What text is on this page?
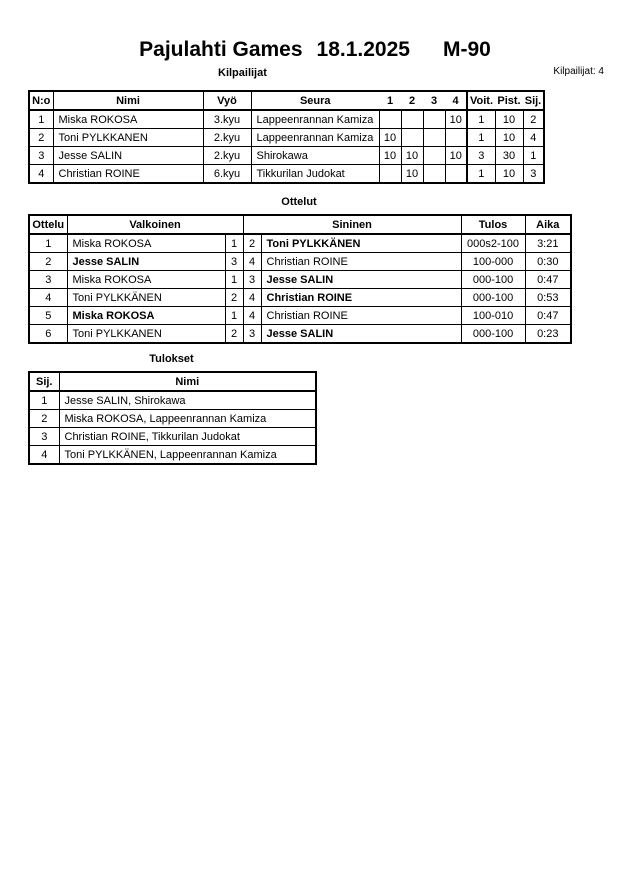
Pajulahti Games 18.1.2025 M-90
Kilpailijat	Kilpailijat: 4
N:o	Nimi	Vyö	Seura	1	2	3	4	Voit.	Pist.	Sij.
1	Miska ROKOSA	3.kyu	Lappeenrannan Kamiza				10	1	10	2
2	Toni PYLKKANEN	2.kyu	Lappeenrannan Kamiza	10				1	10	4
3	Jesse SALIN	2.kyu	Shirokawa	10	10		10	3	30	1
4	Christian ROINE	6.kyu	Tikkurilan Judokat		10			1	10	3
Ottelut
Ottelu	Valkoinen		Sininen		Tulos	Aika
1	Miska ROKOSA	1	2	Toni PYLKKÄNEN	000s2-100	3:21
2	Jesse SALIN	3	4	Christian ROINE	100-000	0:30
3	Miska ROKOSA	1	3	Jesse SALIN	000-100	0:47
4	Toni PYLKKÄNEN	2	4	Christian ROINE	000-100	0:53
5	Miska ROKOSA	1	4	Christian ROINE	100-010	0:47
6	Toni PYLKKANEN	2	3	Jesse SALIN	000-100	0:23
Tulokset
Sij.	Nimi
1	Jesse SALIN, Shirokawa
2	Miska ROKOSA, Lappeenrannan Kamiza
3	Christian ROINE, Tikkurilan Judokat
4	Toni PYLKKÄNEN, Lappeenrannan Kamiza
